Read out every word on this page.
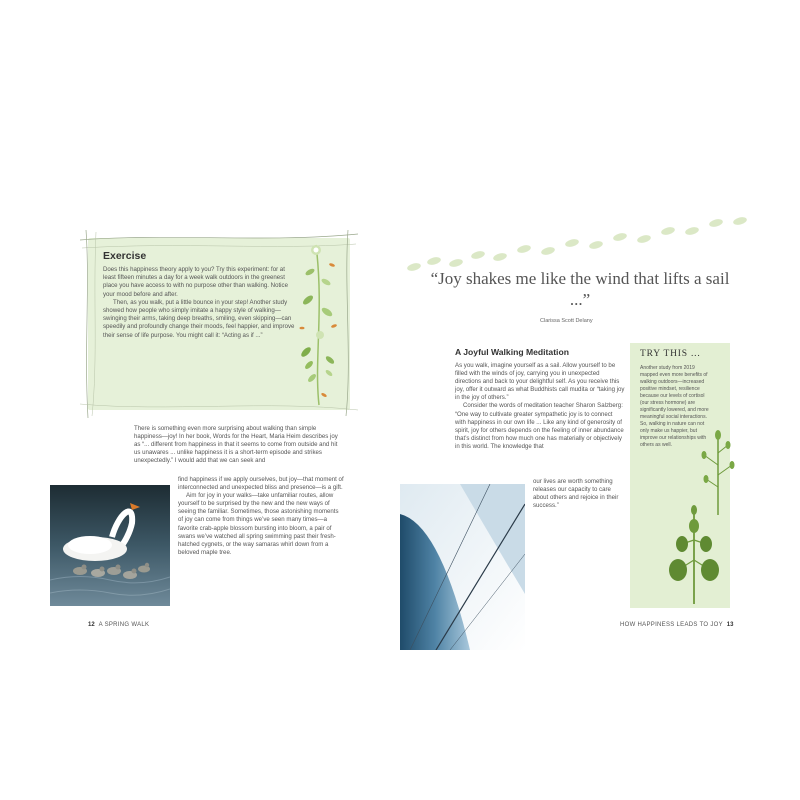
Exercise

Does this happiness theory apply to you? Try this experiment: for at least fifteen minutes a day for a week walk outdoors in the greenest place you have access to with no purpose other than walking. Notice your mood before and after.

Then, as you walk, put a little bounce in your step! Another study showed how people who simply imitate a happy style of walking—swinging their arms, taking deep breaths, smiling, even skipping—can speedily and profoundly change their moods, feel happier, and improve their sense of life purpose. You might call it: “Acting as if ...”

There is something even more surprising about walking than simple happiness—joy! In her book, Words for the Heart, Maria Heim describes joy as “... different from happiness in that it seems to come from outside and hit us unawares ... unlike happiness it is a short-term episode and strikes unexpectedly.” I would add that we can seek and

find happiness if we apply ourselves, but joy—that moment of interconnected and unexpected bliss and presence—is a gift.

Aim for joy in your walks—take unfamiliar routes, allow yourself to be surprised by the new and the new ways of seeing the familiar. Sometimes, those astonishing moments of joy can come from things we’ve seen many times—a favorite crab-apple blossom bursting into bloom, a pair of swans we’ve watched all spring swimming past their fresh-hatched cygnets, or the way samaras whirl down from a beloved maple tree.

12 A SPRING WALK
“Joy shakes me like the wind that lifts a sail ...”
Clarissa Scott Delany
A Joyful Walking Meditation

As you walk, imagine yourself as a sail. Allow yourself to be filled with the winds of joy, carrying you in unexpected directions and back to your delightful self. As you receive this joy, offer it outward as what Buddhists call mudita or “taking joy in the joy of others.”

Consider the words of meditation teacher Sharon Salzberg: “One way to cultivate greater sympathetic joy is to connect with happiness in our own life ... Like any kind of generosity of spirit, joy for others depends on the feeling of inner abundance that’s distinct from how much one has materially or objectively in this world. The knowledge that

our lives are worth something releases our capacity to care about others and rejoice in their success.”
TRY THIS ...
Another study from 2019 mapped even more benefits of walking outdoors—increased positive mindset, resilience because our levels of cortisol (our stress hormone) are significantly lowered, and more meaningful social interactions. So, walking in nature can not only make us happier, but improve our relationships with others as well.
HOW HAPPINESS LEADS TO JOY 13
